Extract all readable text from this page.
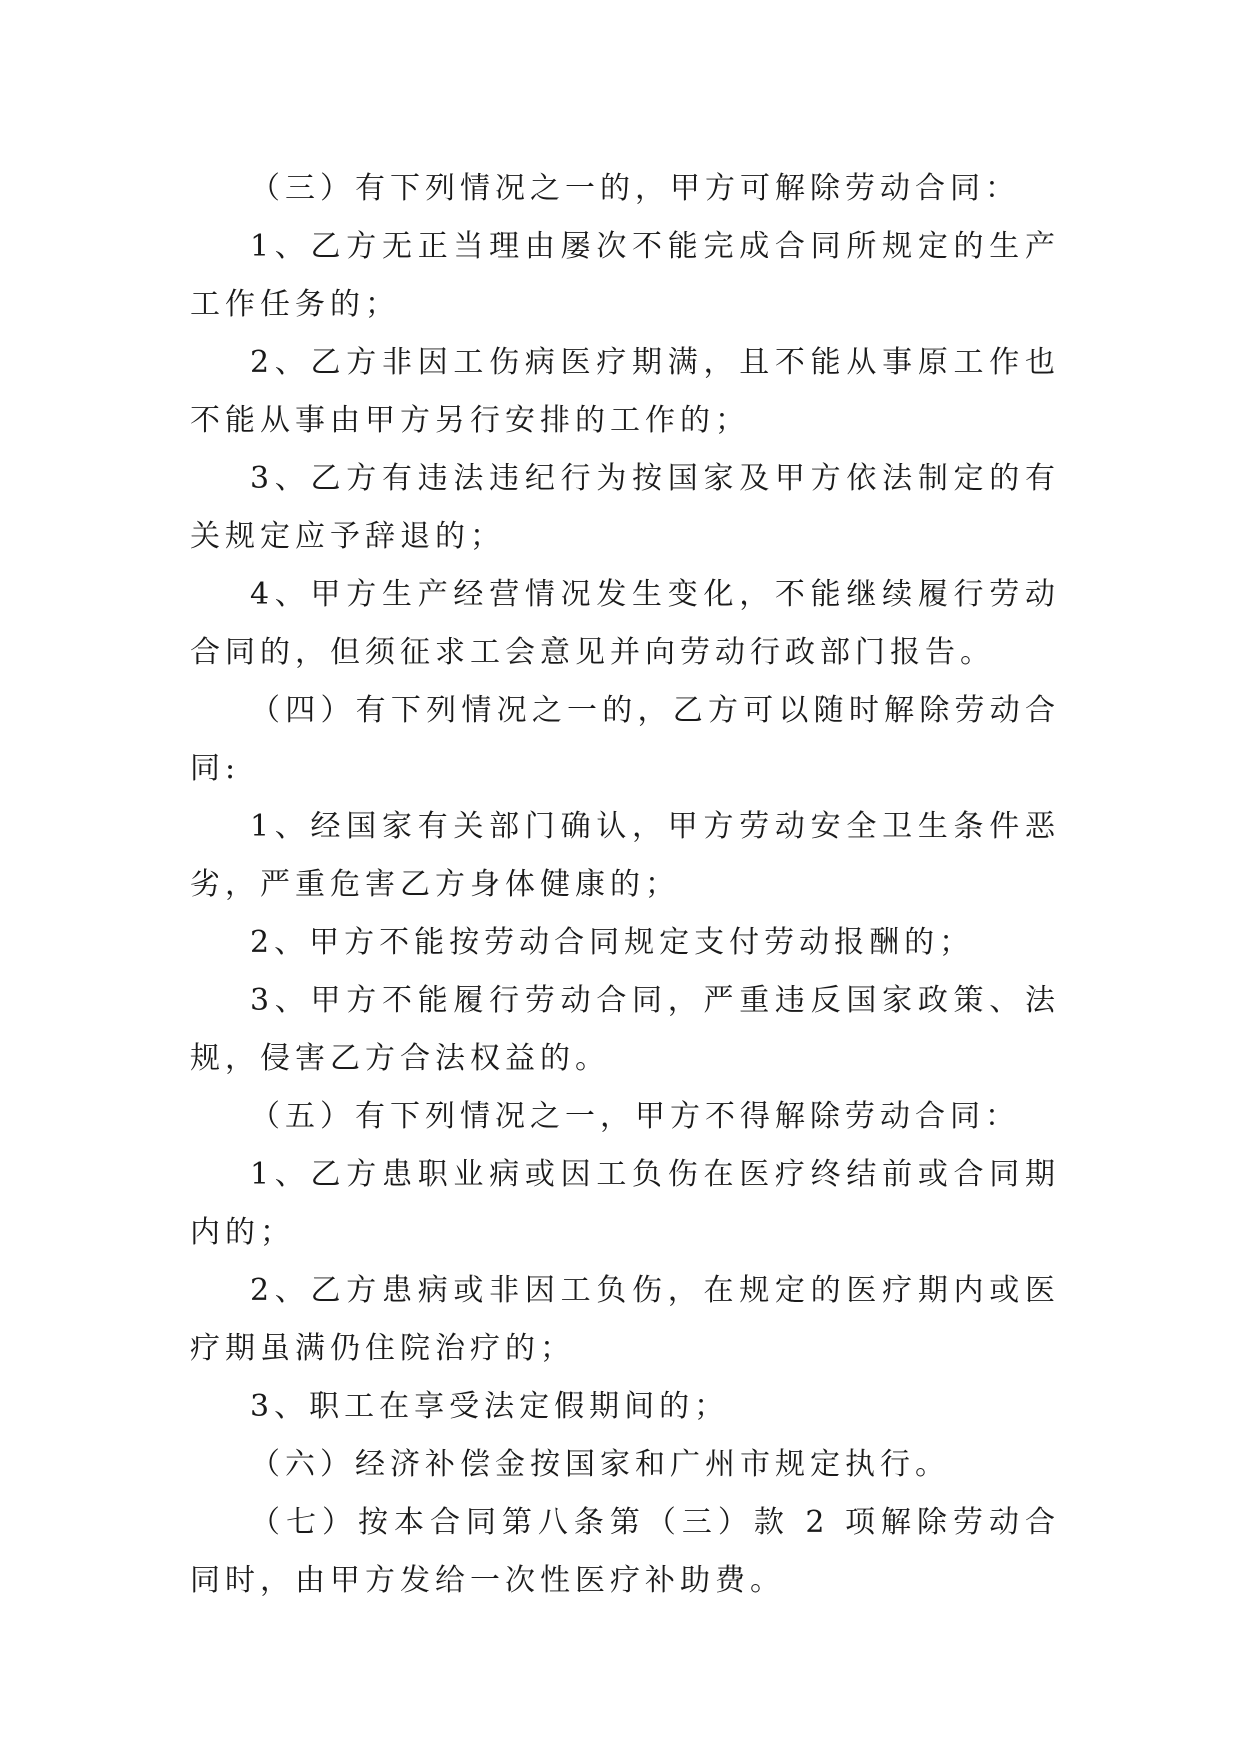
（三）有下列情况之一的，甲方可解除劳动合同：

1、乙方无正当理由屡次不能完成合同所规定的生产工作任务的；

2、乙方非因工伤病医疗期满，且不能从事原工作也不能从事由甲方另行安排的工作的；

3、乙方有违法违纪行为按国家及甲方依法制定的有关规定应予辞退的；

4、甲方生产经营情况发生变化，不能继续履行劳动合同的，但须征求工会意见并向劳动行政部门报告。

（四）有下列情况之一的，乙方可以随时解除劳动合同:

1、经国家有关部门确认，甲方劳动安全卫生条件恶劣，严重危害乙方身体健康的；

2、甲方不能按劳动合同规定支付劳动报酬的；

3、甲方不能履行劳动合同，严重违反国家政策、法规，侵害乙方合法权益的。

（五）有下列情况之一，甲方不得解除劳动合同：

1、乙方患职业病或因工负伤在医疗终结前或合同期内的；

2、乙方患病或非因工负伤，在规定的医疗期内或医疗期虽满仍住院治疗的；

3、职工在享受法定假期间的；

（六）经济补偿金按国家和广州市规定执行。

（七）按本合同第八条第（三）款 2 项解除劳动合同时，由甲方发给一次性医疗补助费。
